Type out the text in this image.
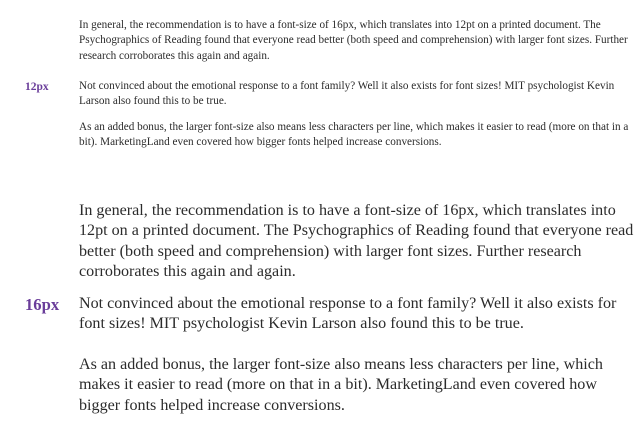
In general, the recommendation is to have a font-size of 16px, which translates into 12pt on a printed document. The Psychographics of Reading found that everyone read better (both speed and comprehension) with larger font sizes. Further research corroborates this again and again.

12px	Not convinced about the emotional response to a font family? Well it also exists for font sizes! MIT psychologist Kevin Larson also found this to be true.

As an added bonus, the larger font-size also means less characters per line, which makes it easier to read (more on that in a bit). MarketingLand even covered how bigger fonts helped increase conversions.

In general, the recommendation is to have a font-size of 16px, which translates into 12pt on a printed document. The Psychographics of Reading found that everyone read better (both speed and comprehension) with larger font sizes. Further research corroborates this again and again.

16px Not convinced about the emotional response to a font family? Well it also exists for font sizes! MIT psychologist Kevin Larson also found this to be true.

As an added bonus, the larger font-size also means less characters per line, which makes it easier to read (more on that in a bit). MarketingLand even covered how bigger fonts helped increase conversions.
